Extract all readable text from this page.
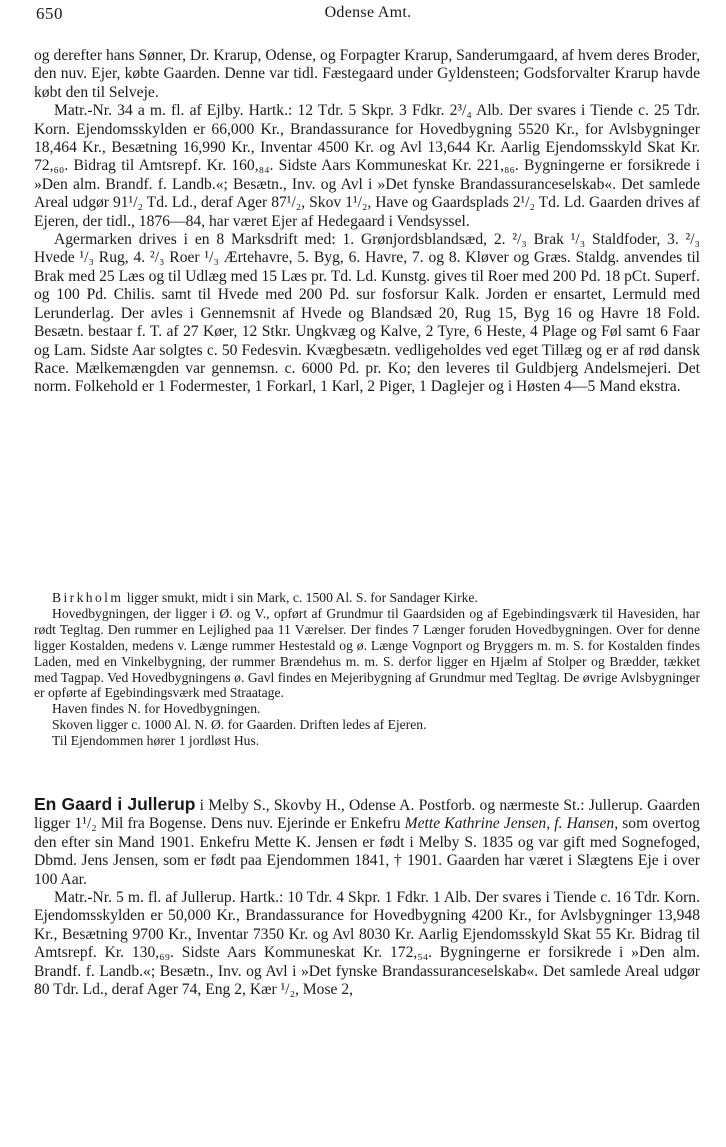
650	Odense Amt.

og derefter hans Sønner, Dr. Krarup, Odense, og Forpagter Krarup, Sanderumgaard, af hvem deres Broder, den nuv. Ejer, købte Gaarden. Denne var tidl. Fæstegaard under Gyldensteen; Godsforvalter Krarup havde købt den til Selveje.

Matr.-Nr. 34 a m. fl. af Ejlby. Hartk.: 12 Tdr. 5 Skpr. 3 Fdkr. 2³/₄ Alb. Der svares i Tiende c. 25 Tdr. Korn. Ejendomsskylden er 66,000 Kr., Brandassurance for Hovedbygning 5520 Kr., for Avlsbygninger 18,464 Kr., Besætning 16,990 Kr., Inventar 4500 Kr. og Avl 13,644 Kr. Aarlig Ejendomsskyld Skat Kr. 72,₆₀. Bidrag til Amtsrepf. Kr. 160,₈₄. Sidste Aars Kommuneskat Kr. 221,₈₆. Bygningerne er forsikrede i »Den alm. Brandf. f. Landb.«; Besætn., Inv. og Avl i »Det fynske Brandassuranceselskab«. Det samlede Areal udgør 91¹/₂ Td. Ld., deraf Ager 87¹/₂, Skov 1¹/₂, Have og Gaardsplads 2¹/₂ Td. Ld. Gaarden drives af Ejeren, der tidl., 1876—84, har været Ejer af Hedegaard i Vendsyssel.

Agermarken drives i en 8 Marksdrift med: 1. Grønjordsblandsæd, 2. ²/₃ Brak ¹/₃ Staldfoder, 3. ²/₃ Hvede ¹/₃ Rug, 4. ²/₃ Roer ¹/₃ Ærtehavre, 5. Byg, 6. Havre, 7. og 8. Kløver og Græs. Staldg. anvendes til Brak med 25 Læs og til Udlæg med 15 Læs pr. Td. Ld. Kunstg. gives til Roer med 200 Pd. 18 pCt. Superf. og 100 Pd. Chilis. samt til Hvede med 200 Pd. sur fosforsur Kalk. Jorden er ensartet, Lermuld med Lerunderlag. Der avles i Gennemsnit af Hvede og Blandsæd 20, Rug 15, Byg 16 og Havre 18 Fold. Besætn. bestaar f. T. af 27 Køer, 12 Stkr. Ungkvæg og Kalve, 2 Tyre, 6 Heste, 4 Plage og Føl samt 6 Faar og Lam. Sidste Aar solgtes c. 50 Fedesvin. Kvægbesætn. vedligeholdes ved eget Tillæg og er af rød dansk Race. Mælkemængden var gennemsn. c. 6000 Pd. pr. Ko; den leveres til Guldbjerg Andelsmejeri. Det norm. Folkehold er 1 Fodermester, 1 Forkarl, 1 Karl, 2 Piger, 1 Daglejer og i Høsten 4—5 Mand ekstra.

Birkholm ligger smukt, midt i sin Mark, c. 1500 Al. S. for Sandager Kirke.

Hovedbygningen, der ligger i Ø. og V., opført af Grundmur til Gaardsiden og af Egebindingsværk til Havesiden, har rødt Tegltag. Den rummer en Lejlighed paa 11 Værelser. Der findes 7 Længer foruden Hovedbygningen. Over for denne ligger Kostalden, medens v. Længe rummer Hestestald og ø. Længe Vognport og Bryggers m. m. S. for Kostalden findes Laden, med en Vinkelbygning, der rummer Brændehus m. m. S. derfor ligger en Hjælm af Stolper og Brædder, tækket med Tagpap. Ved Hovedbygningens ø. Gavl findes en Mejeribygning af Grundmur med Tegltag. De øvrige Avlsbygninger er opførte af Egebindingsværk med Straatage.

Haven findes N. for Hovedbygningen.

Skoven ligger c. 1000 Al. N. Ø. for Gaarden. Driften ledes af Ejeren.

Til Ejendommen hører 1 jordløst Hus.

En Gaard i Jullerup i Melby S., Skovby H., Odense A. Postforb. og nærmeste St.: Jullerup. Gaarden ligger 1¹/₂ Mil fra Bogense. Dens nuv. Ejerinde er Enkefru Mette Kathrine Jensen, f. Hansen, som overtog den efter sin Mand 1901. Enkefru Mette K. Jensen er født i Melby S. 1835 og var gift med Sognefoged, Dbmd. Jens Jensen, som er født paa Ejendommen 1841, † 1901. Gaarden har været i Slægtens Eje i over 100 Aar.

Matr.-Nr. 5 m. fl. af Jullerup. Hartk.: 10 Tdr. 4 Skpr. 1 Fdkr. 1 Alb. Der svares i Tiende c. 16 Tdr. Korn. Ejendomsskylden er 50,000 Kr., Brandassurance for Hovedbygning 4200 Kr., for Avlsbygninger 13,948 Kr., Besætning 9700 Kr., Inventar 7350 Kr. og Avl 8030 Kr. Aarlig Ejendomsskyld Skat 55 Kr. Bidrag til Amtsrepf. Kr. 130,₆₉. Sidste Aars Kommuneskat Kr. 172,₅₄. Bygningerne er forsikrede i »Den alm. Brandf. f. Landb.«; Besætn., Inv. og Avl i »Det fynske Brandassuranceselskab«. Det samlede Areal udgør 80 Tdr. Ld., deraf Ager 74, Eng 2, Kær ¹/₂, Mose 2,
